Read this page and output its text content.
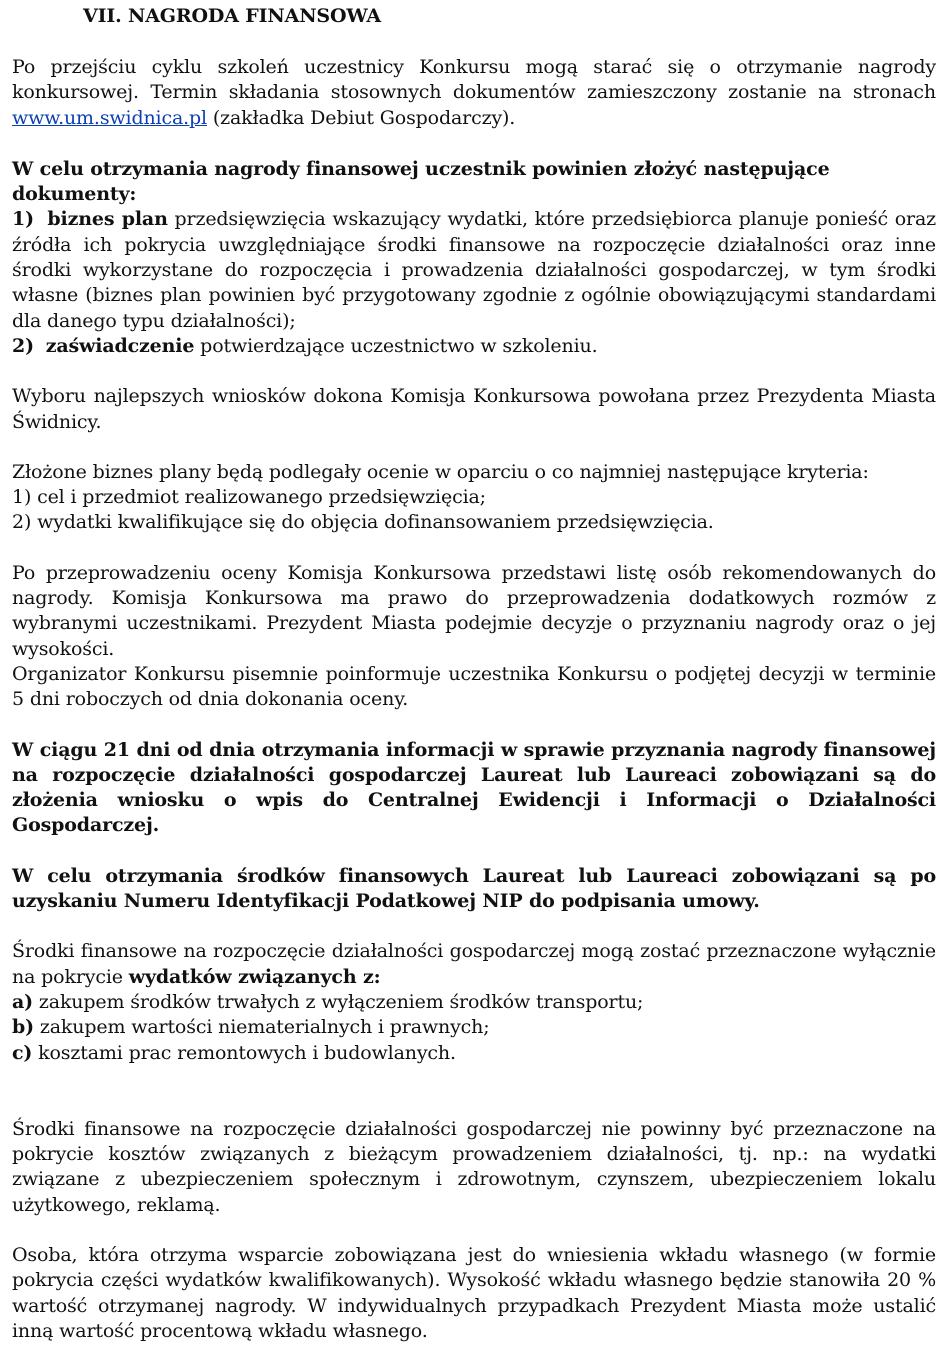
VII. NAGRODA FINANSOWA

Po przejściu cyklu szkoleń uczestnicy Konkursu mogą starać się o otrzymanie nagrody konkursowej. Termin składania stosownych dokumentów zamieszczony zostanie na stronach www.um.swidnica.pl (zakładka Debiut Gospodarczy).

W celu otrzymania nagrody finansowej uczestnik powinien złożyć następujące dokumenty:

1) biznes plan przedsięwzięcia wskazujący wydatki, które przedsiębiorca planuje ponieść oraz źródła ich pokrycia uwzględniające środki finansowe na rozpoczęcie działalności oraz inne środki wykorzystane do rozpoczęcia i prowadzenia działalności gospodarczej, w tym środki własne (biznes plan powinien być przygotowany zgodnie z ogólnie obowiązującymi standardami dla danego typu działalności);

2) zaświadczenie potwierdzające uczestnictwo w szkoleniu.

Wyboru najlepszych wniosków dokona Komisja Konkursowa powołana przez Prezydenta Miasta Świdnicy.

Złożone biznes plany będą podlegały ocenie w oparciu o co najmniej następujące kryteria:

1) cel i przedmiot realizowanego przedsięwzięcia;

2) wydatki kwalifikujące się do objęcia dofinansowaniem przedsięwzięcia.

Po przeprowadzeniu oceny Komisja Konkursowa przedstawi listę osób rekomendowanych do nagrody. Komisja Konkursowa ma prawo do przeprowadzenia dodatkowych rozmów z wybranymi uczestnikami. Prezydent Miasta podejmie decyzje o przyznaniu nagrody oraz o jej wysokości.

Organizator Konkursu pisemnie poinformuje uczestnika Konkursu o podjętej decyzji w terminie 5 dni roboczych od dnia dokonania oceny.

W ciągu 21 dni od dnia otrzymania informacji w sprawie przyznania nagrody finansowej na rozpoczęcie działalności gospodarczej Laureat lub Laureaci zobowiązani są do złożenia wniosku o wpis do Centralnej Ewidencji i Informacji o Działalności Gospodarczej.

W celu otrzymania środków finansowych Laureat lub Laureaci zobowiązani są po uzyskaniu Numeru Identyfikacji Podatkowej NIP do podpisania umowy.

Środki finansowe na rozpoczęcie działalności gospodarczej mogą zostać przeznaczone wyłącznie na pokrycie wydatków związanych z:

a) zakupem środków trwałych z wyłączeniem środków transportu;

b) zakupem wartości niematerialnych i prawnych;

c) kosztami prac remontowych i budowlanych.

Środki finansowe na rozpoczęcie działalności gospodarczej nie powinny być przeznaczone na pokrycie kosztów związanych z bieżącym prowadzeniem działalności, tj. np.: na wydatki związane z ubezpieczeniem społecznym i zdrowotnym, czynszem, ubezpieczeniem lokalu użytkowego, reklamą.

Osoba, która otrzyma wsparcie zobowiązana jest do wniesienia wkładu własnego (w formie pokrycia części wydatków kwalifikowanych). Wysokość wkładu własnego będzie stanowiła 20 % wartość otrzymanej nagrody. W indywidualnych przypadkach Prezydent Miasta może ustalić inną wartość procentową wkładu własnego.
